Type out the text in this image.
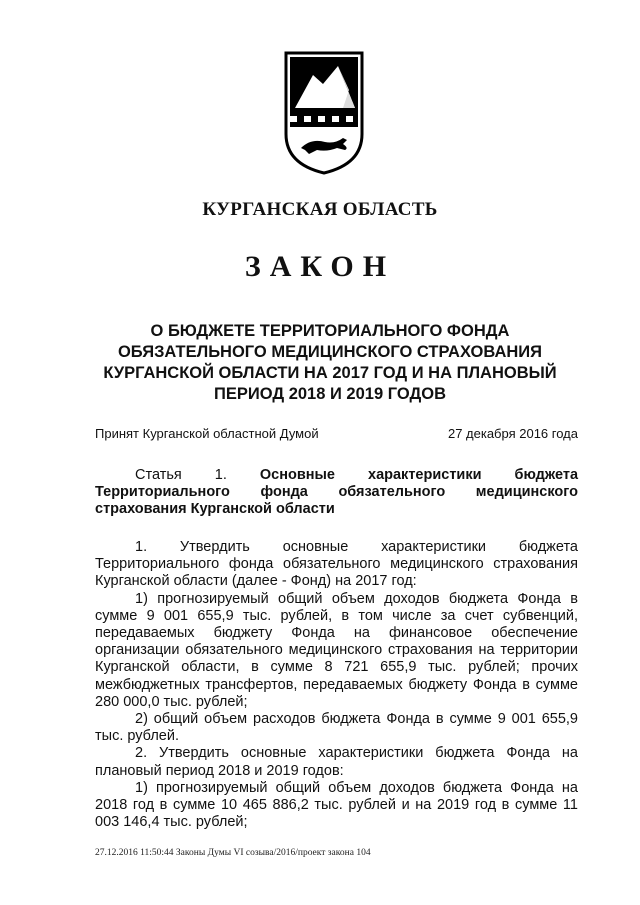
КУРГАНСКАЯ ОБЛАСТЬ
ЗАКОН
О БЮДЖЕТЕ ТЕРРИТОРИАЛЬНОГО ФОНДА
ОБЯЗАТЕЛЬНОГО МЕДИЦИНСКОГО СТРАХОВАНИЯ
КУРГАНСКОЙ ОБЛАСТИ НА 2017 ГОД И НА ПЛАНОВЫЙ
ПЕРИОД 2018 И 2019 ГОДОВ
Принят Курганской областной Думой	27 декабря 2016 года
Статья 1. Основные характеристики бюджета Территориального фонда обязательного медицинского страхования Курганской области
1. Утвердить основные характеристики бюджета Территориального фонда обязательного медицинского страхования Курганской области (далее - Фонд) на 2017 год:
1) прогнозируемый общий объем доходов бюджета Фонда в сумме 9 001 655,9 тыс. рублей, в том числе за счет субвенций, передаваемых бюджету Фонда на финансовое обеспечение организации обязательного медицинского страхования на территории Курганской области, в сумме 8 721 655,9 тыс. рублей; прочих межбюджетных трансфертов, передаваемых бюджету Фонда в сумме 280 000,0 тыс. рублей;
2) общий объем расходов бюджета Фонда в сумме 9 001 655,9 тыс. рублей.
2. Утвердить основные характеристики бюджета Фонда на плановый период 2018 и 2019 годов:
1) прогнозируемый общий объем доходов бюджета Фонда на 2018 год в сумме 10 465 886,2 тыс. рублей и на 2019 год в сумме 11 003 146,4 тыс. рублей;
27.12.2016 11:50:44 Законы Думы VI созыва/2016/проект закона 104
